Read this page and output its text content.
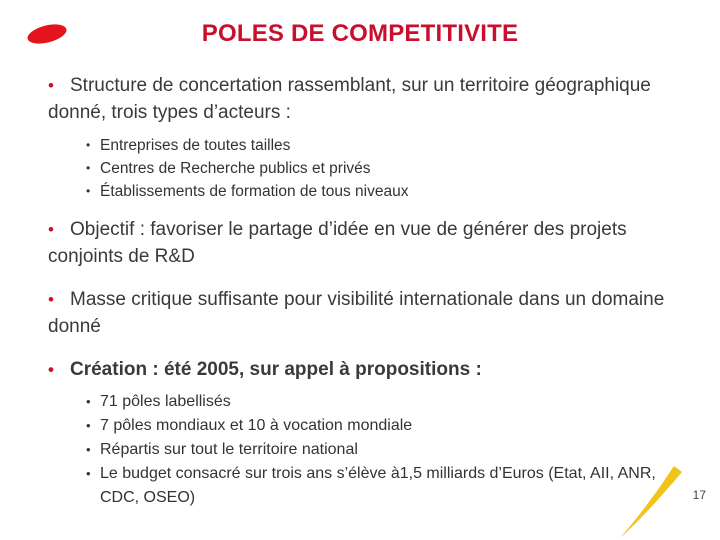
POLES DE COMPETITIVITE
• Structure de concertation rassemblant, sur un territoire géographique donné, trois types d’acteurs :
• Entreprises de toutes tailles
• Centres de Recherche publics et privés
• Établissements de formation de tous niveaux
• Objectif : favoriser le partage d’idée en vue de générer des projets conjoints de R&D
• Masse critique suffisante pour visibilité internationale dans un domaine donné
• Création : été 2005, sur appel à propositions :
• 71 pôles labellisés
• 7 pôles mondiaux et 10 à vocation mondiale
• Répartis sur tout le territoire national
• Le budget consacré sur trois ans s’élève à1,5 milliards d’Euros (Etat, AII, ANR, CDC, OSEO)	17
